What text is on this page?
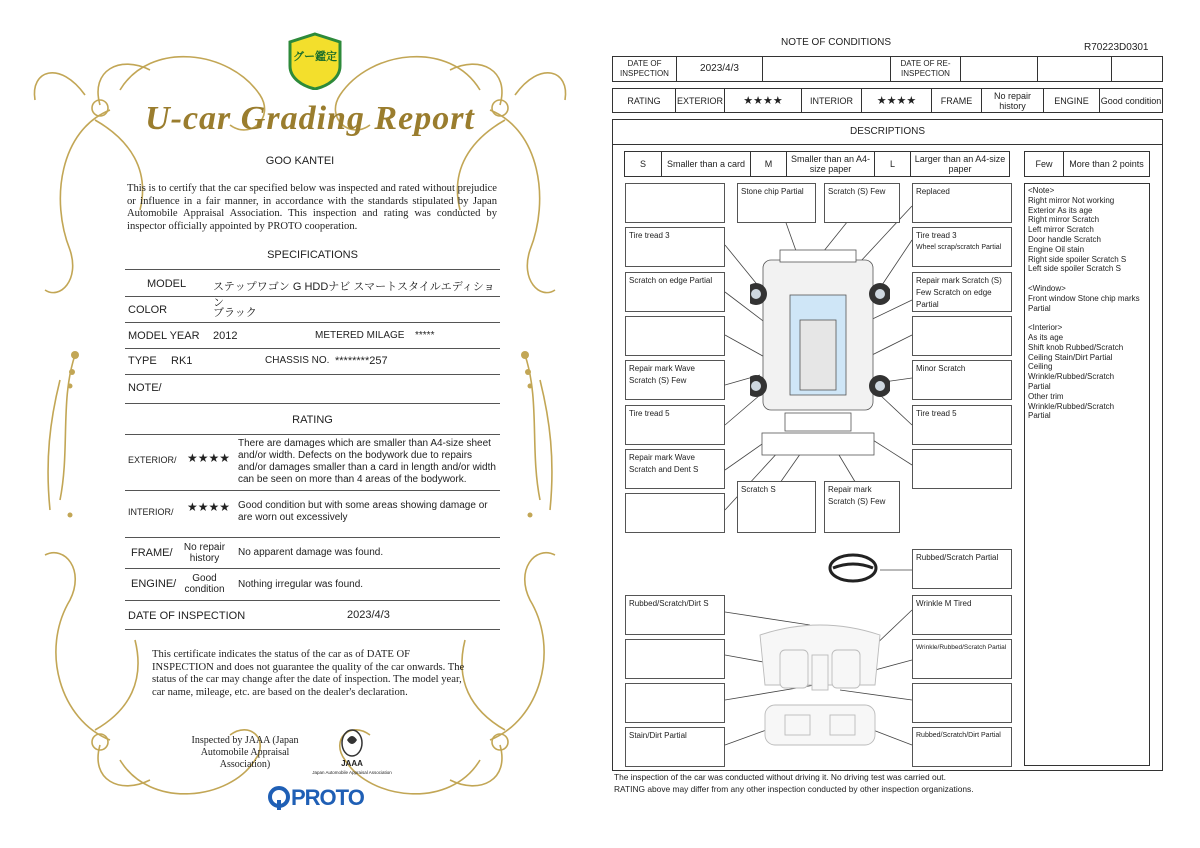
グー鑑定
U-car Grading Report
GOO KANTEI
This is to certify that the car specified below was inspected and rated without prejudice or influence in a fair manner, in accordance with the standards stipulated by Japan Automobile Appraisal Association. This inspection and rating was conducted by inspector officially appointed by PROTO cooperation.
SPECIFICATIONS
MODEL ステップワゴン G HDDナビ スマートスタイルエディション
COLOR	ブラック
MODEL YEAR 2012	METERED MILAGE *****
TYPE RK1	CHASSIS NO. ********257
NOTE/
RATING
EXTERIOR/ ★★★★
There are damages which are smaller than A4-size sheet and/or width. Defects on the bodywork due to repairs and/or damages smaller than a card in length and/or width can be seen on more than 4 areas of the bodywork.
INTERIOR/ ★★★★ Good condition but with some areas showing damage or are worn out excessively
FRAME/	No repair history
No apparent damage was found.
ENGINE/	Good condition	Nothing irregular was found.
DATE OF INSPECTION	2023/4/3
This certificate indicates the status of the car as of DATE OF INSPECTION and does not guarantee the quality of the car onwards. The status of the car may change after the date of inspection. The model year, car name, mileage, etc. are based on the dealer's declaration.
Inspected by JAAA (Japan Automobile Appraisal Association)	JAAA
Japan Automobile Appraisal Association
PROTO
NOTE OF CONDITIONS	R70223D0301
DATE OF INSPECTION	2023/4/3	DATE OF RE-INSPECTION
RATING	EXTERIOR	★★★★	INTERIOR	★★★★	FRAME	No repair history	ENGINE	Good condition
DESCRIPTIONS
S	Smaller than a card	M	Smaller than an A4-size paper	L	Larger than an A4-size paper	Few	More than 2 points
<Note>
Right mirror Not working
Exterior As its age
Right mirror Scratch
Left mirror Scratch
Door handle Scratch
Engine Oil stain
Right side spoiler Scratch S
Left side spoiler Scratch S

<Window>
Front window Stone chip marks
Partial

<Interior>
As its age
Shift knob Rubbed/Scratch
Ceiling Stain/Dirt Partial
Ceiling
Wrinkle/Rubbed/Scratch
Partial
Other trim
Wrinkle/Rubbed/Scratch
Partial
Stone chip Partial	Scratch (S) Few	Replaced
Tire tread 3	Tire tread 3
Wheel scrap/scratch Partial
Scratch on edge Partial	Repair mark Scratch (S) Few Scratch on edge Partial
Repair mark Wave Scratch (S) Few
Minor Scratch
Tire tread 5	Tire tread 5
Repair mark Wave Scratch and Dent S
Scratch S	Repair mark Scratch (S) Few
Rubbed/Scratch Partial
Rubbed/Scratch/Dirt S	Wrinkle M Tired
Wrinkle/Rubbed/Scratch Partial
Stain/Dirt Partial	Rubbed/Scratch/Dirt Partial
The inspection of the car was conducted without driving it. No driving test was carried out.
RATING above may differ from any other inspection conducted by other inspection organizations.
